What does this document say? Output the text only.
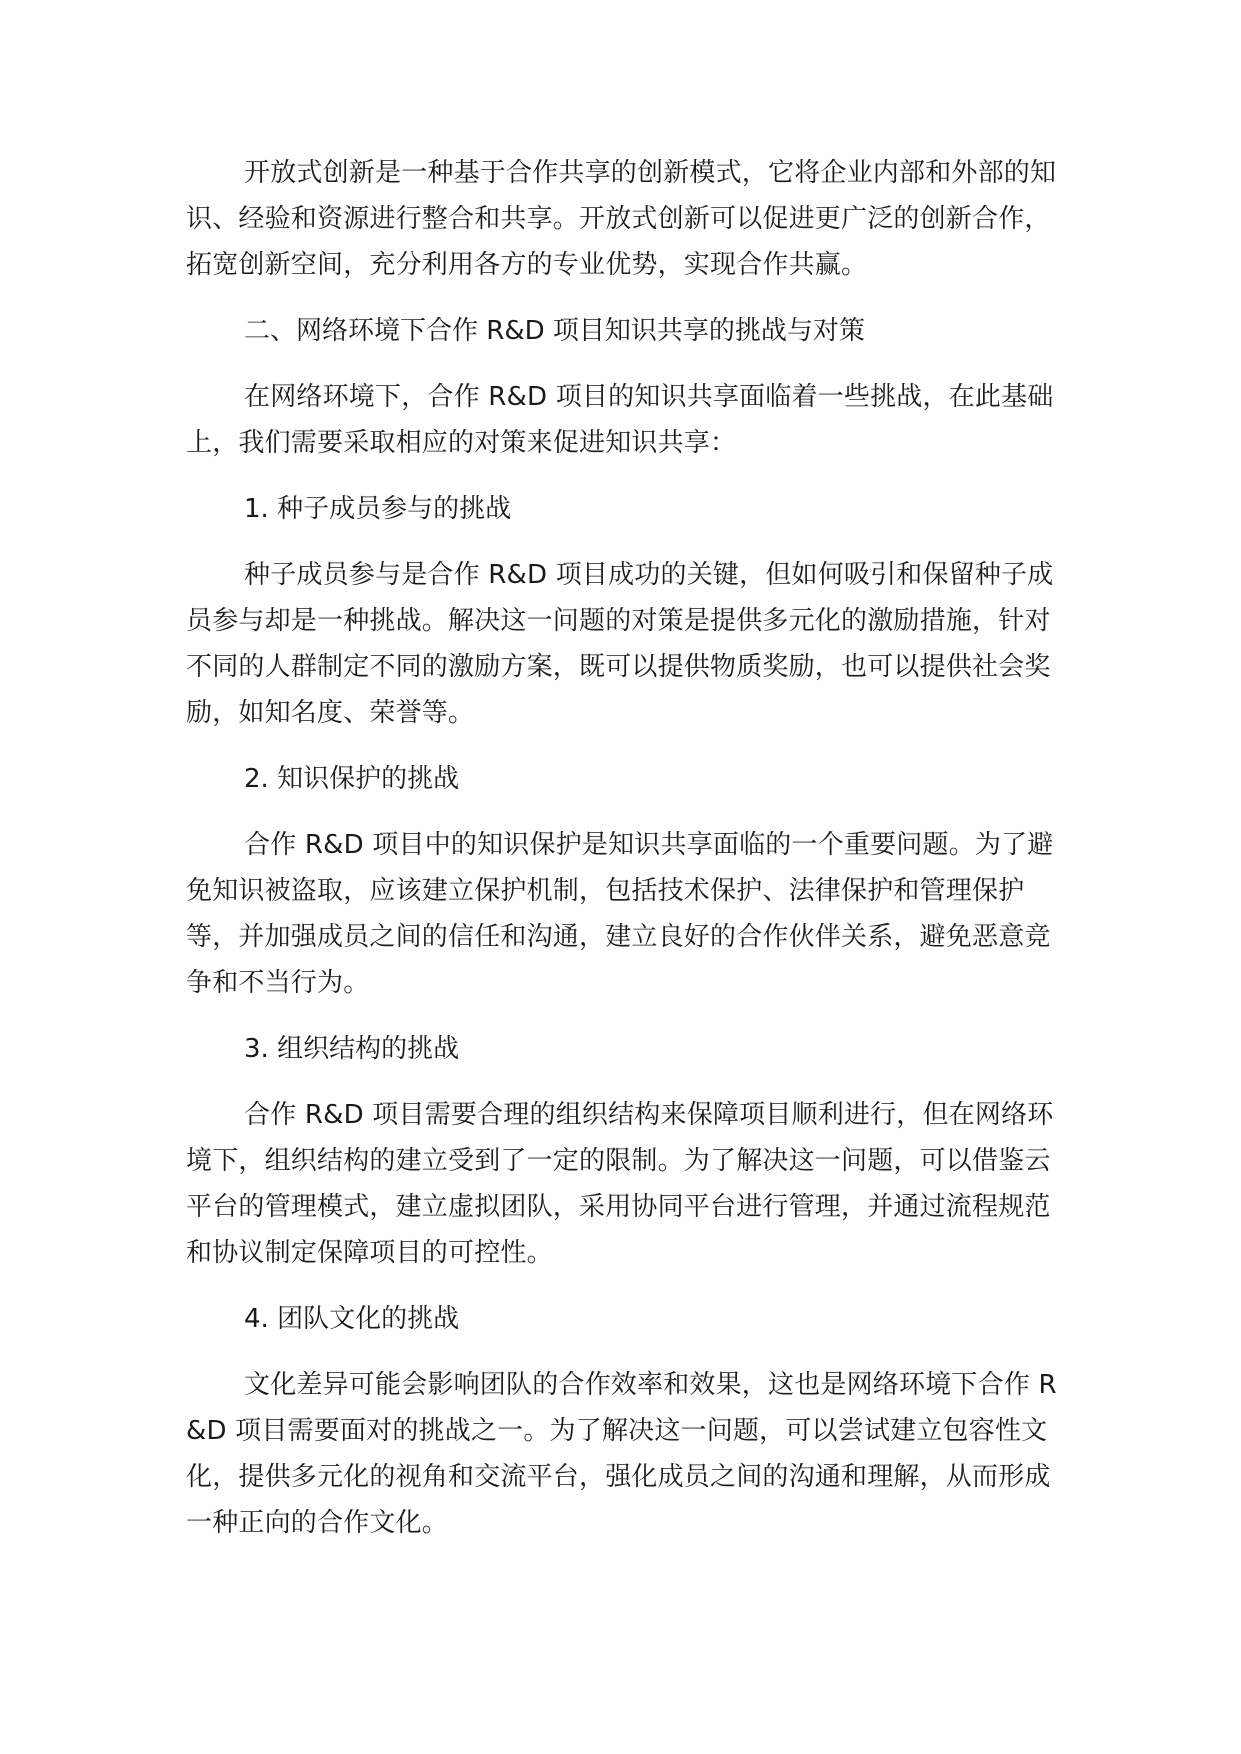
开放式创新是一种基于合作共享的创新模式，它将企业内部和外部的知识、经验和资源进行整合和共享。开放式创新可以促进更广泛的创新合作，拓宽创新空间，充分利用各方的专业优势，实现合作共赢。

二、网络环境下合作 R&D 项目知识共享的挑战与对策

在网络环境下，合作 R&D 项目的知识共享面临着一些挑战，在此基础上，我们需要采取相应的对策来促进知识共享：

1. 种子成员参与的挑战

种子成员参与是合作 R&D 项目成功的关键，但如何吸引和保留种子成员参与却是一种挑战。解决这一问题的对策是提供多元化的激励措施，针对不同的人群制定不同的激励方案，既可以提供物质奖励，也可以提供社会奖励，如知名度、荣誉等。

2. 知识保护的挑战

合作 R&D 项目中的知识保护是知识共享面临的一个重要问题。为了避免知识被盗取，应该建立保护机制，包括技术保护、法律保护和管理保护等，并加强成员之间的信任和沟通，建立良好的合作伙伴关系，避免恶意竞争和不当行为。

3. 组织结构的挑战

合作 R&D 项目需要合理的组织结构来保障项目顺利进行，但在网络环境下，组织结构的建立受到了一定的限制。为了解决这一问题，可以借鉴云平台的管理模式，建立虚拟团队，采用协同平台进行管理，并通过流程规范和协议制定保障项目的可控性。

4. 团队文化的挑战

文化差异可能会影响团队的合作效率和效果，这也是网络环境下合作 R&D 项目需要面对的挑战之一。为了解决这一问题，可以尝试建立包容性文化，提供多元化的视角和交流平台，强化成员之间的沟通和理解，从而形成一种正向的合作文化。
